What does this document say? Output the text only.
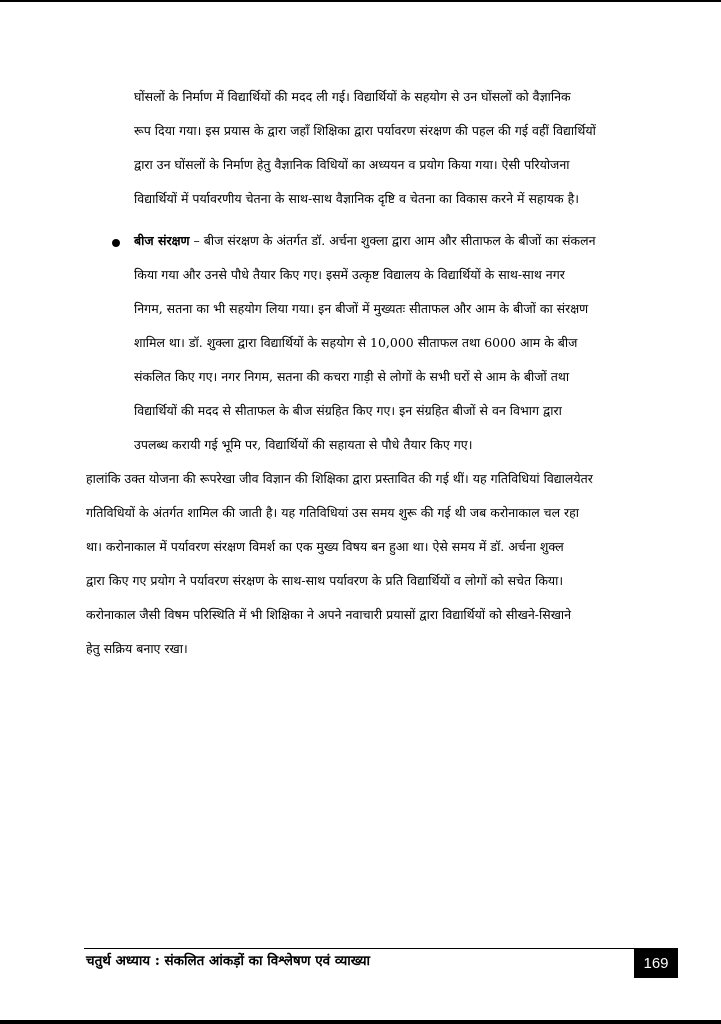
घोंसलों के निर्माण में विद्यार्थियों की मदद ली गई। विद्यार्थियों के सहयोग से उन घोंसलों को वैज्ञानिक
रूप दिया गया। इस प्रयास के द्वारा जहाँ शिक्षिका द्वारा पर्यावरण संरक्षण की पहल की गई वहीं विद्यार्थियों
द्वारा उन घोंसलों के निर्माण हेतु वैज्ञानिक विधियों का अध्ययन व प्रयोग किया गया। ऐसी परियोजना
विद्यार्थियों में पर्यावरणीय चेतना के साथ-साथ वैज्ञानिक दृष्टि व चेतना का विकास करने में सहायक है।
बीज संरक्षण – बीज संरक्षण के अंतर्गत डॉ. अर्चना शुक्ला द्वारा आम और सीताफल के बीजों का संकलन
किया गया और उनसे पौधे तैयार किए गए। इसमें उत्कृष्ट विद्यालय के विद्यार्थियों के साथ-साथ नगर
निगम, सतना का भी सहयोग लिया गया। इन बीजों में मुख्यतः सीताफल और आम के बीजों का संरक्षण
शामिल था। डॉ. शुक्ला द्वारा विद्यार्थियों के सहयोग से 10,000 सीताफल तथा 6000 आम के बीज
संकलित किए गए। नगर निगम, सतना की कचरा गाड़ी से लोगों के सभी घरों से आम के बीजों तथा
विद्यार्थियों की मदद से सीताफल के बीज संग्रहित किए गए। इन संग्रहित बीजों से वन विभाग द्वारा
उपलब्ध करायी गई भूमि पर, विद्यार्थियों की सहायता से पौधे तैयार किए गए।
हालांकि उक्त योजना की रूपरेखा जीव विज्ञान की शिक्षिका द्वारा प्रस्तावित की गई थीं। यह गतिविधियां विद्यालयेतर
गतिविधियों के अंतर्गत शामिल की जाती है। यह गतिविधियां उस समय शुरू की गई थी जब करोनाकाल चल रहा
था। करोनाकाल में पर्यावरण संरक्षण विमर्श का एक मुख्य विषय बन हुआ था। ऐसे समय में डॉ. अर्चना शुक्ल
द्वारा किए गए प्रयोग ने पर्यावरण संरक्षण के साथ-साथ पर्यावरण के प्रति विद्यार्थियों व लोगों को सचेत किया।
करोनाकाल जैसी विषम परिस्थिति में भी शिक्षिका ने अपने नवाचारी प्रयासों द्वारा विद्यार्थियों को सीखने-सिखाने
हेतु सक्रिय बनाए रखा।
चतुर्थ अध्याय : संकलित आंकड़ों का विश्लेषण एवं व्याख्या	169
